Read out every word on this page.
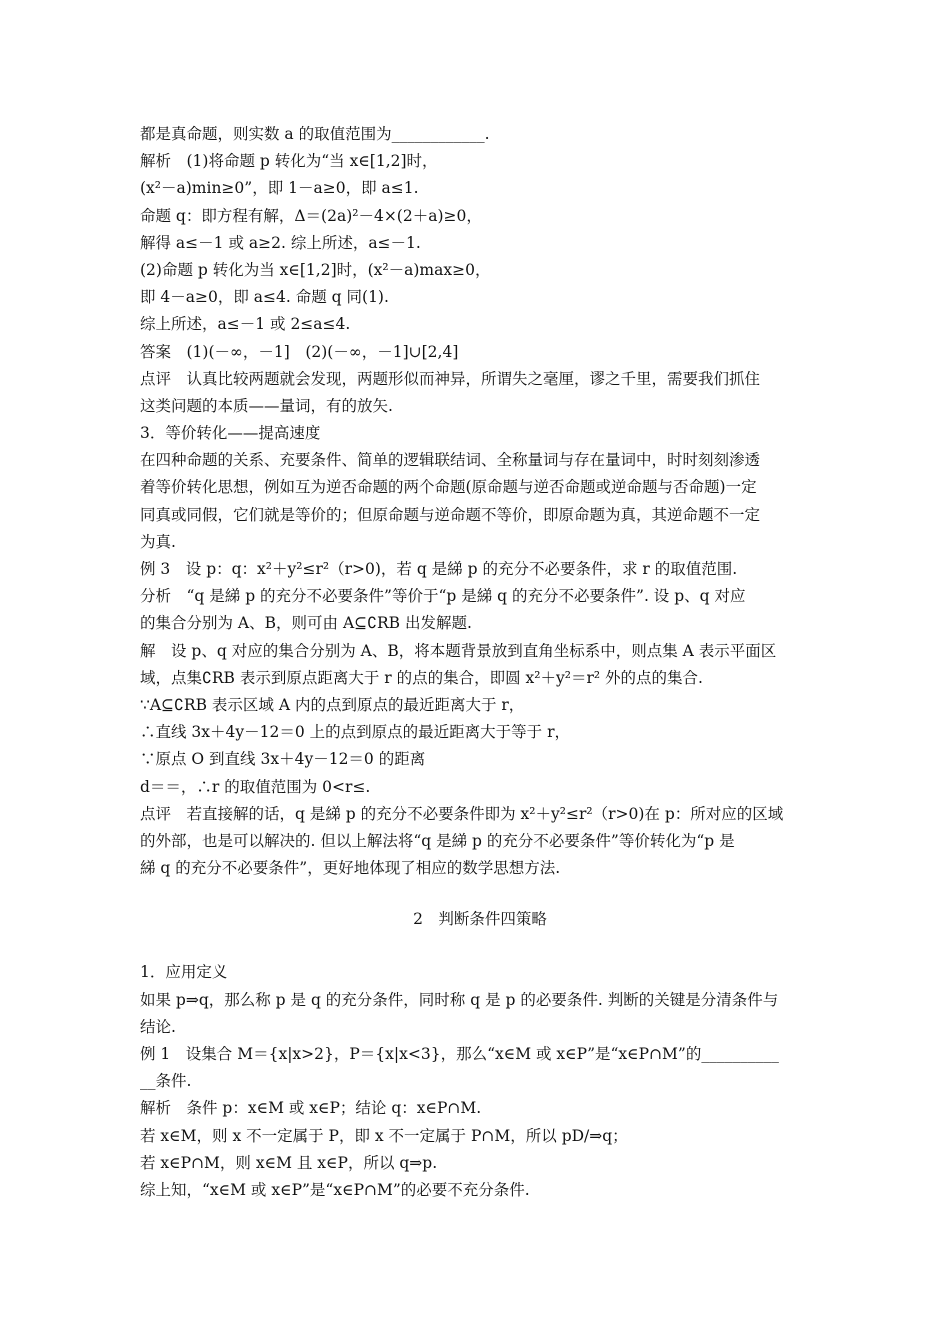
都是真命题，则实数 a 的取值范围为____________.
解析　(1)将命题 p 转化为“当 x∈[1,2]时，
(x²－a)min≥0”，即 1－a≥0，即 a≤1.
命题 q：即方程有解，Δ＝(2a)²－4×(2＋a)≥0，
解得 a≤－1 或 a≥2. 综上所述，a≤－1.
(2)命题 p 转化为当 x∈[1,2]时，(x²－a)max≥0，
即 4－a≥0，即 a≤4. 命题 q 同(1).
综上所述，a≤－1 或 2≤a≤4.
答案　(1)(－∞，－1]　(2)(－∞，－1]∪[2,4]
点评　认真比较两题就会发现，两题形似而神异，所谓失之毫厘，谬之千里，需要我们抓住
这类问题的本质——量词，有的放矢.
3．等价转化——提高速度
在四种命题的关系、充要条件、简单的逻辑联结词、全称量词与存在量词中，时时刻刻渗透
着等价转化思想，例如互为逆否命题的两个命题(原命题与逆否命题或逆命题与否命题)一定
同真或同假，它们就是等价的；但原命题与逆命题不等价，即原命题为真，其逆命题不一定
为真.
例 3　设 p：q：x²＋y²≤r²（r>0)，若 q 是綈 p 的充分不必要条件，求 r 的取值范围.
分析　“q 是綈 p 的充分不必要条件”等价于“p 是綈 q 的充分不必要条件”. 设 p、q 对应
的集合分别为 A、B，则可由 A⊆∁RB 出发解题.
解　设 p、q 对应的集合分别为 A、B，将本题背景放到直角坐标系中，则点集 A 表示平面区
域，点集∁RB 表示到原点距离大于 r 的点的集合，即圆 x²＋y²＝r² 外的点的集合.
∵A⊆∁RB 表示区域 A 内的点到原点的最近距离大于 r，
∴直线 3x＋4y－12＝0 上的点到原点的最近距离大于等于 r，
∵原点 O 到直线 3x＋4y－12＝0 的距离
d＝＝，∴r 的取值范围为 0<r≤.
点评　若直接解的话，q 是綈 p 的充分不必要条件即为 x²＋y²≤r²（r>0)在 p：所对应的区域
的外部，也是可以解决的. 但以上解法将“q 是綈 p 的充分不必要条件”等价转化为“p 是
綈 q 的充分不必要条件”，更好地体现了相应的数学思想方法.
2　判断条件四策略
1．应用定义
如果 p⇒q，那么称 p 是 q 的充分条件，同时称 q 是 p 的必要条件. 判断的关键是分清条件与
结论.
例 1　设集合 M＝{x|x>2}，P＝{x|x<3}，那么“x∈M 或 x∈P”是“x∈P∩M”的__________
__条件.
解析　条件 p：x∈M 或 x∈P；结论 q：x∈P∩M.
若 x∈M，则 x 不一定属于 P，即 x 不一定属于 P∩M，所以 pD/⇒q；
若 x∈P∩M，则 x∈M 且 x∈P，所以 q⇒p.
综上知，“x∈M 或 x∈P”是“x∈P∩M”的必要不充分条件.
